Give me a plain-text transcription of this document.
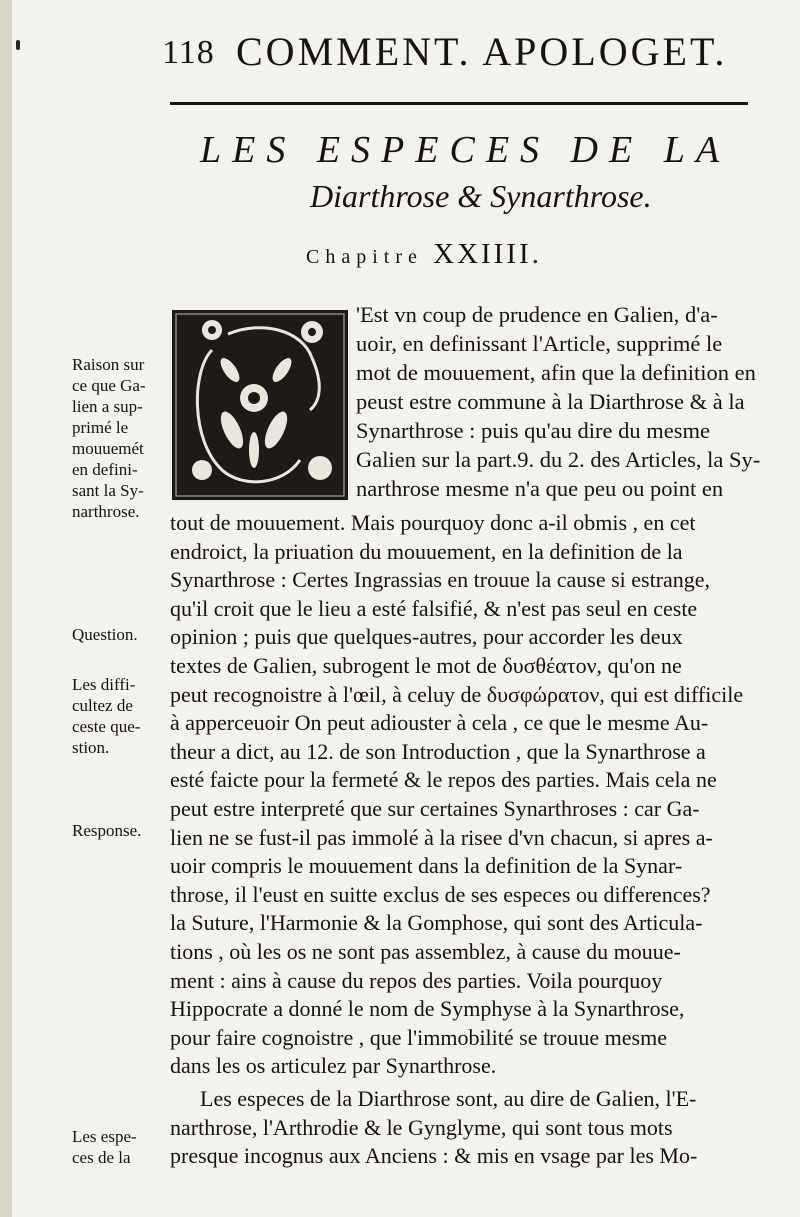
118 COMMENT. APOLOGET.
LES ESPECES DE LA
Diarthrose & Synarthrose.
Chapitre XXIIII.
'Est vn coup de prudence en Galien, d'a-
uoir, en definissant l'Article, supprimé le
mot de mouuement, afin que la definition en
peust estre commune à la Diarthrose & à la
Synarthrose : puis qu'au dire du mesme
Galien sur la part.9. du 2. des Articles, la Sy-
narthrose mesme n'a que peu ou point en
tout de mouuement. Mais pourquoy donc a-il obmis , en cet
endroict, la priuation du mouuement, en la definition de la
Synarthrose : Certes Ingrassias en trouue la cause si estrange,
qu'il croit que le lieu a esté falsifié, & n'est pas seul en ceste
opinion ; puis que quelques-autres, pour accorder les deux
textes de Galien, subrogent le mot de δυσθέατον, qu'on ne
peut recognoistre à l'œil, à celuy de δυσφώρατον, qui est difficile
à apperceuoir On peut adiouster à cela , ce que le mesme Au-
theur a dict, au 12. de son Introduction , que la Synarthrose a
esté faicte pour la fermeté & le repos des parties. Mais cela ne
peut estre interpreté que sur certaines Synarthroses : car Ga-
lien ne se fust-il pas immolé à la risee d'vn chacun, si apres a-
uoir compris le mouuement dans la definition de la Synar-
throse, il l'eust en suitte exclus de ses especes ou differences?
la Suture, l'Harmonie & la Gomphose, qui sont des Articula-
tions , où les os ne sont pas assemblez, à cause du mouue-
ment : ains à cause du repos des parties. Voila pourquoy
Hippocrate a donné le nom de Symphyse à la Synarthrose,
pour faire cognoistre , que l'immobilité se trouue mesme
dans les os articulez par Synarthrose.
Les especes de la Diarthrose sont, au dire de Galien, l'E-
narthrose, l'Arthrodie & le Gynglyme, qui sont tous mots
presque incognus aux Anciens : & mis en vsage par les Mo-
Raison sur
ce que Ga-
lien a sup-
primé le
mouuemét
en defini-
sant la Sy-
narthrose.
Question.
Les diffi-
cultez de
ceste que-
stion.
Response.
Les espe-
ces de la
